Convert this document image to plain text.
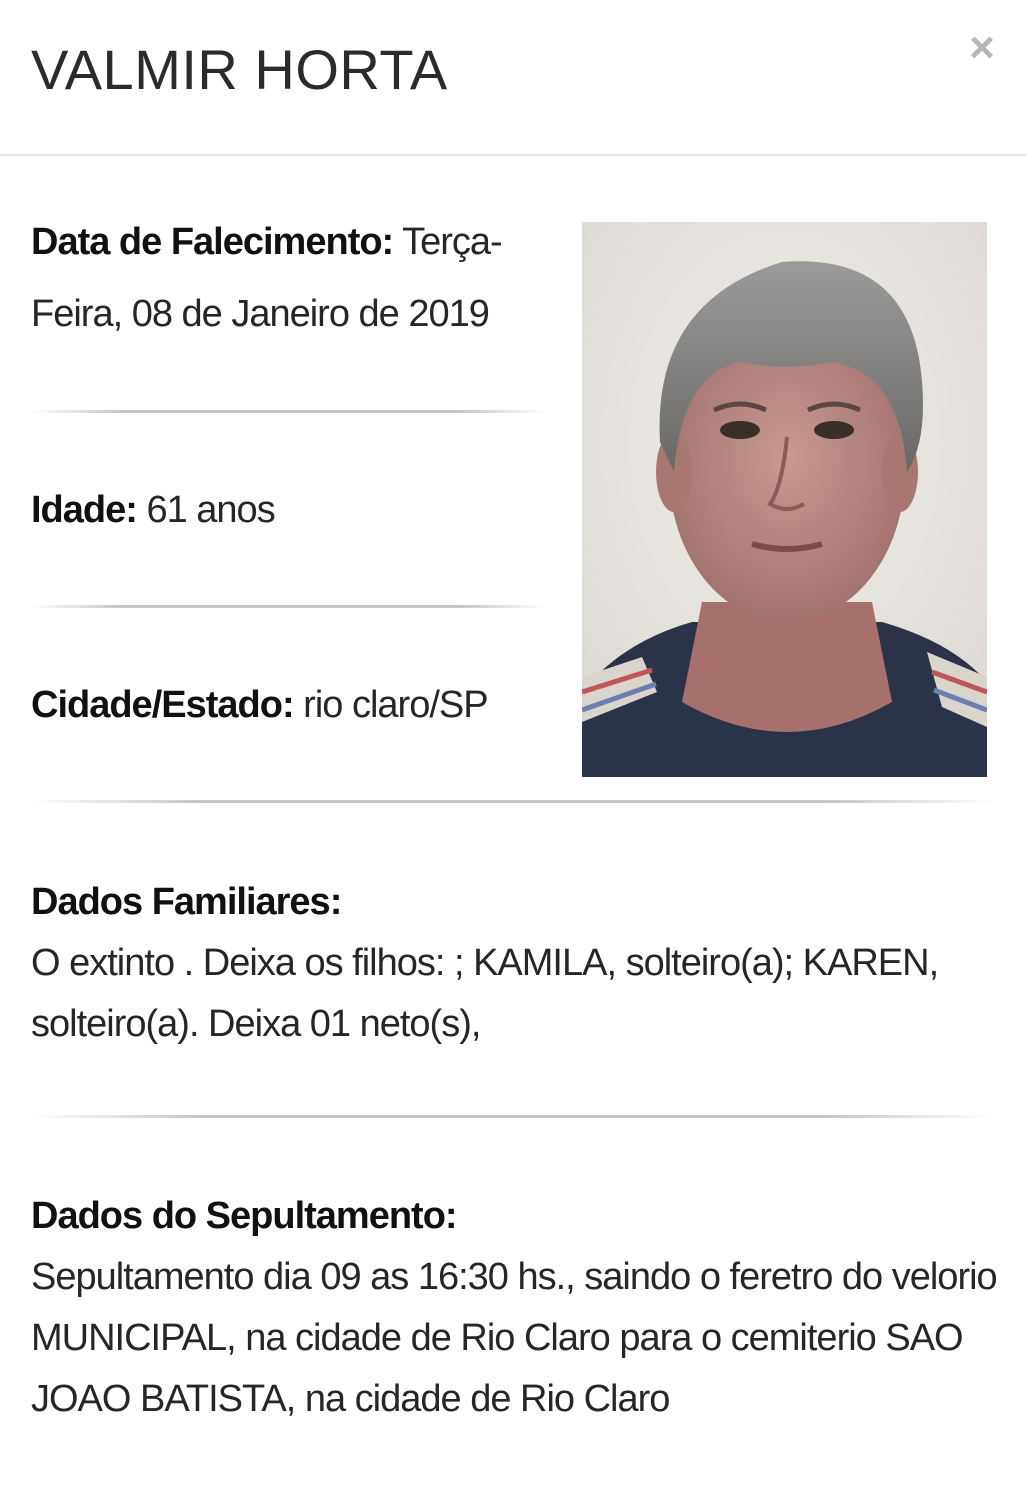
VALMIR HORTA	×
Data de Falecimento: Terça-Feira, 08 de Janeiro de 2019
Idade: 61 anos
Cidade/Estado: rio claro/SP
Dados Familiares:
O extinto . Deixa os filhos: ; KAMILA, solteiro(a); KAREN, solteiro(a). Deixa 01 neto(s),
Dados do Sepultamento:
Sepultamento dia 09 as 16:30 hs., saindo o feretro do velorio MUNICIPAL, na cidade de Rio Claro para o cemiterio SAO JOAO BATISTA, na cidade de Rio Claro
